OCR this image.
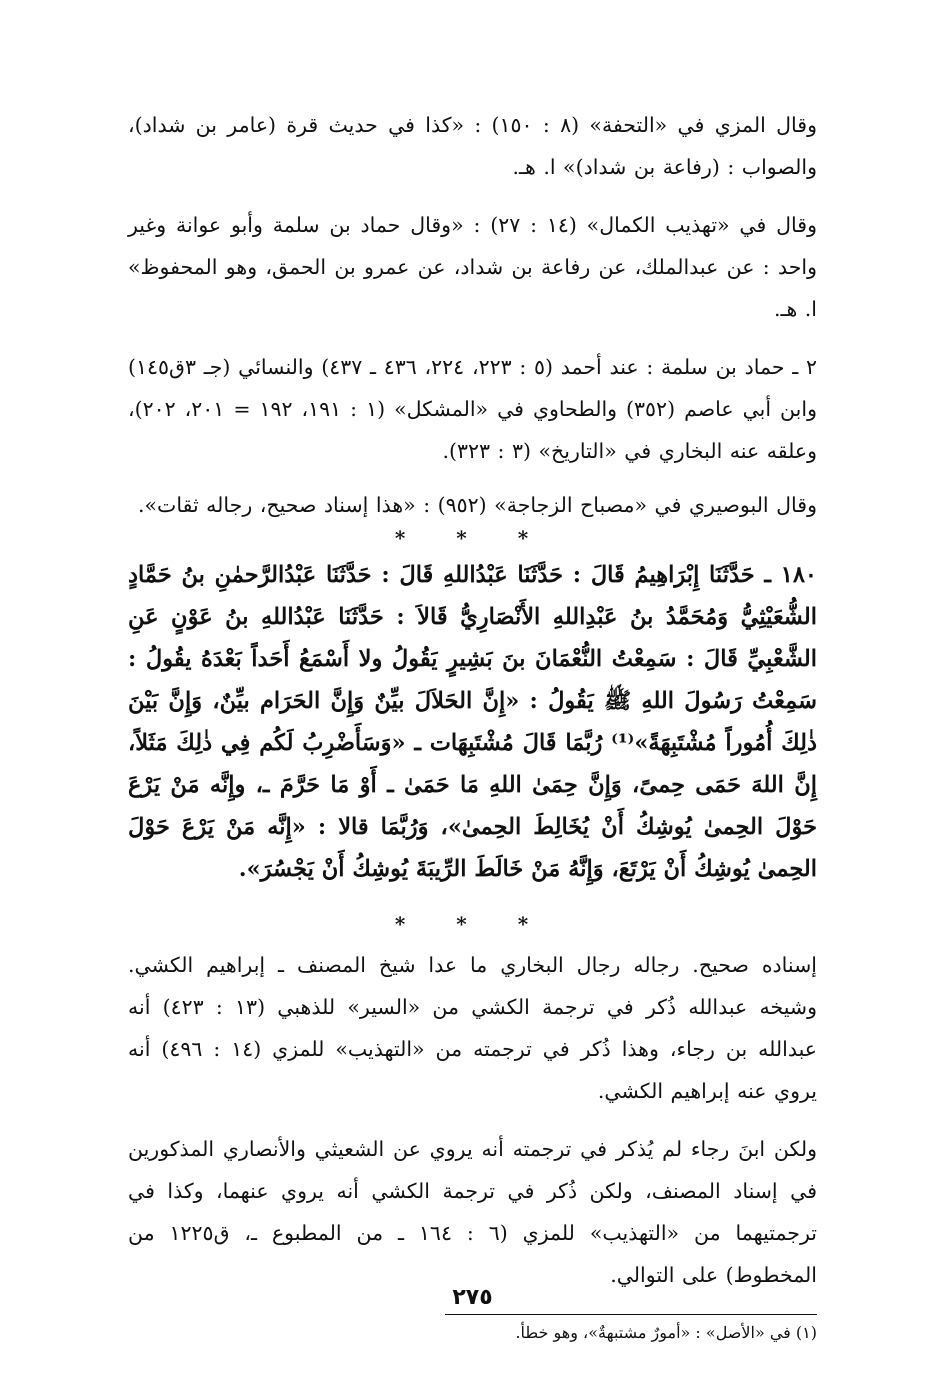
وقال المزي في «التحفة» (٨ : ١٥٠) : «كذا في حديث قرة (عامر بن شداد)، والصواب : (رفاعة بن شداد)» ا. هـ.

وقال في «تهذيب الكمال» (١٤ : ٢٧) : «وقال حماد بن سلمة وأبو عوانة وغير واحد : عن عبدالملك، عن رفاعة بن شداد، عن عمرو بن الحمق، وهو المحفوظ» ا. هـ.

٢ ـ حماد بن سلمة : عند أحمد (٥ : ٢٢٣، ٢٢٤، ٤٣٦ ـ ٤٣٧) والنسائي (جـ ٣ق١٤٥) وابن أبي عاصم (٣٥٢) والطحاوي في «المشكل» (١ : ١٩١، ١٩٢ = ٢٠١، ٢٠٢)، وعلقه عنه البخاري في «التاريخ» (٣ : ٣٢٣).

وقال البوصيري في «مصباح الزجاجة» (٩٥٢) : «هذا إسناد صحيح، رجاله ثقات».

* * *

١٨٠ ـ حَدَّثَنَا إِبْرَاهِيمُ قَالَ : حَدَّثَنَا عَبْدُاللهِ قَالَ : حَدَّثَنَا عَبْدُالرَّحمٰنِ بنُ حَمَّادٍ الشُّعَيْثِيُّ وَمُحَمَّدُ بنُ عَبْدِاللهِ الأَنْصَارِيُّ قَالاَ : حَدَّثَنَا عَبْدُاللهِ بنُ عَوْنٍ عَنِ الشَّعْبِيِّ قَالَ : سَمِعْتُ النُّعْمَانَ بنَ بَشِيرٍ يَقُولُ ولا أَسْمَعُ أَحَداً بَعْدَهُ يقُولُ : سَمِعْتُ رَسُولَ اللهِ ﷺ يَقُولُ : «إِنَّ الحَلاَلَ بيِّنٌ وَإِنَّ الحَرَام بيِّنٌ، وَإِنَّ بَيْنَ ذٰلِكَ أُمُوراً مُشْتَبِهَةً»⁽¹⁾ رُبَّمَا قَالَ مُشْتَبِهَات ـ «وَسَأَضْرِبُ لَكُم فِي ذٰلِكَ مَثَلاً، إِنَّ اللهَ حَمَى حِمىً، وَإِنَّ حِمَىٰ اللهِ مَا حَمَىٰ ـ أَوْ مَا حَرَّمَ ـ، وإِنَّه مَنْ يَرْعَ حَوْلَ الحِمىٰ يُوشِكُ أَنْ يُخَالِطَ الحِمىٰ»، وَرُبَّمَا قالا : «إِنَّه مَنْ يَرْعَ حَوْلَ الحِمىٰ يُوشِكُ أَنْ يَرْتَعَ، وَإِنَّهُ مَنْ خَالَطَ الرِّيبَةَ يُوشِكُ أَنْ يَجْسُرَ».

* * *

إسناده صحيح. رجاله رجال البخاري ما عدا شيخ المصنف ـ إبراهيم الكشي. وشيخه عبدالله ذُكر في ترجمة الكشي من «السير» للذهبي (١٣ : ٤٢٣) أنه عبدالله بن رجاء، وهذا ذُكر في ترجمته من «التهذيب» للمزي (١٤ : ٤٩٦) أنه يروي عنه إبراهيم الكشي.

ولكن ابنَ رجاء لم يُذكر في ترجمته أنه يروي عن الشعيثي والأنصاري المذكورين في إسناد المصنف، ولكن ذُكر في ترجمة الكشي أنه يروي عنهما، وكذا في ترجمتيهما من «التهذيب» للمزي (٦ : ١٦٤ ـ من المطبوع ـ، ق١٢٢٥ من المخطوط) على التوالي.

(١) في «الأصل» : «أمورٌ مشتبهةٌ»، وهو خطأ.
٢٧٥
